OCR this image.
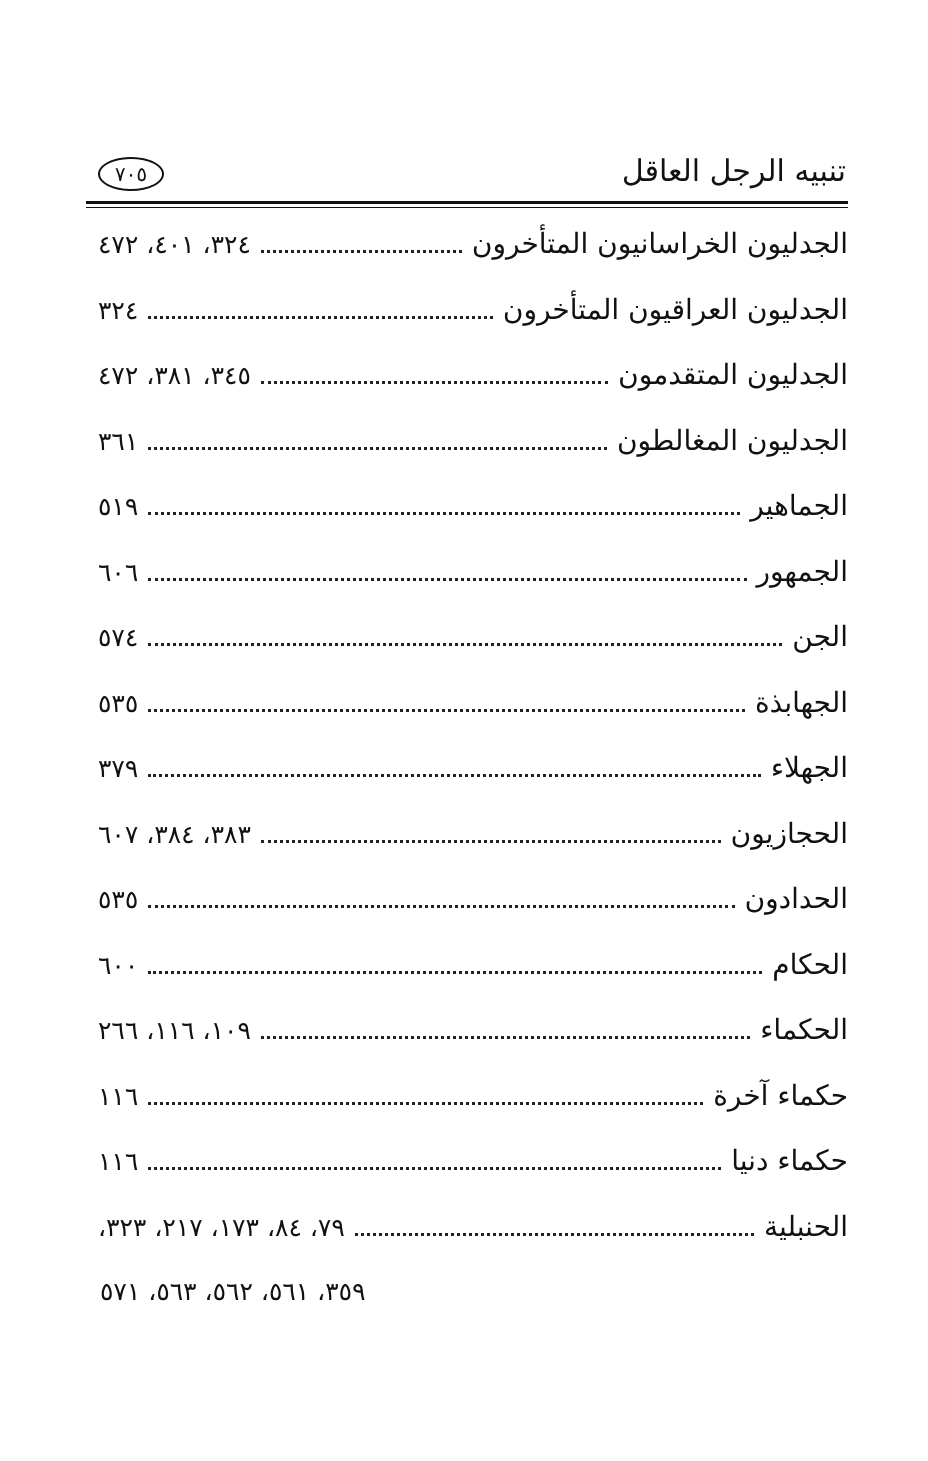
تنبيه الرجل العاقل
٧٠٥
الجدليون الخراسانيون المتأخرون
٣٢٤، ٤٠١، ٤٧٢
الجدليون العراقيون المتأخرون
٣٢٤
الجدليون المتقدمون
٣٤٥، ٣٨١، ٤٧٢
الجدليون المغالطون
٣٦١
الجماهير
٥١٩
الجمهور
٦٠٦
الجن
٥٧٤
الجهابذة
٥٣٥
الجهلاء
٣٧٩
الحجازيون
٣٨٣، ٣٨٤، ٦٠٧
الحدادون
٥٣٥
الحكام
٦٠٠
الحكماء
١٠٩، ١١٦، ٢٦٦
حكماء آخرة
١١٦
حكماء دنيا
١١٦
الحنبلية
٧٩، ٨٤، ١٧٣، ٢١٧، ٣٢٣،
٣٥٩، ٥٦١، ٥٦٢، ٥٦٣، ٥٧١
